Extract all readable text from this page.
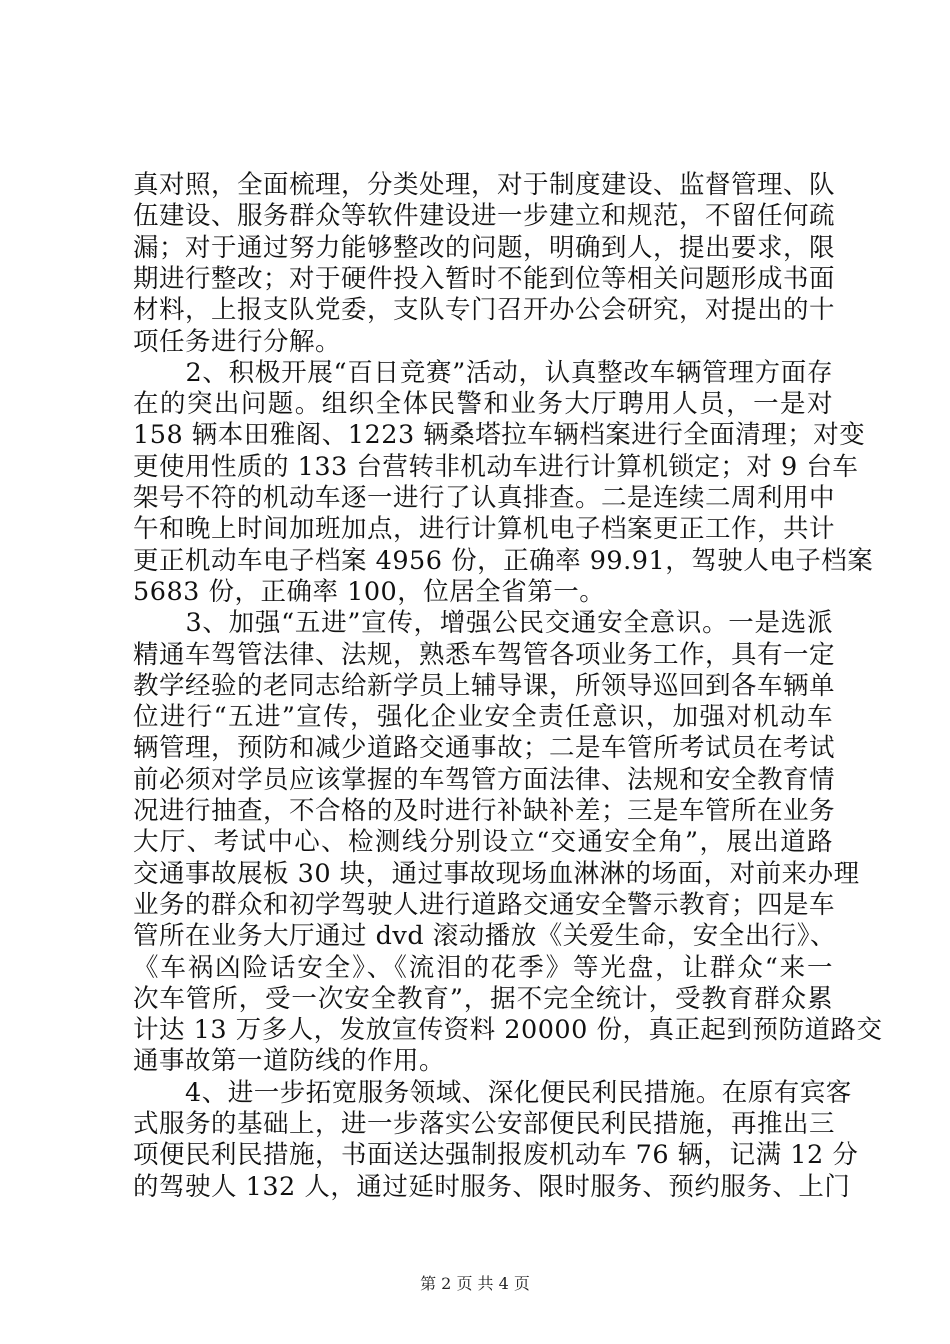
真对照，全面梳理，分类处理，对于制度建设、监督管理、队
伍建设、服务群众等软件建设进一步建立和规范，不留任何疏
漏；对于通过努力能够整改的问题，明确到人，提出要求，限
期进行整改；对于硬件投入暂时不能到位等相关问题形成书面
材料，上报支队党委，支队专门召开办公会研究，对提出的十
项任务进行分解。
　　2、积极开展“百日竞赛”活动，认真整改车辆管理方面存
在的突出问题。组织全体民警和业务大厅聘用人员，一是对
158 辆本田雅阁、1223 辆桑塔拉车辆档案进行全面清理；对变
更使用性质的 133 台营转非机动车进行计算机锁定；对 9 台车
架号不符的机动车逐一进行了认真排查。二是连续二周利用中
午和晚上时间加班加点，进行计算机电子档案更正工作，共计
更正机动车电子档案 4956 份，正确率 99.91，驾驶人电子档案
5683 份，正确率 100，位居全省第一。
　　3、加强“五进”宣传，增强公民交通安全意识。一是选派
精通车驾管法律、法规，熟悉车驾管各项业务工作，具有一定
教学经验的老同志给新学员上辅导课，所领导巡回到各车辆单
位进行“五进”宣传，强化企业安全责任意识，加强对机动车
辆管理，预防和减少道路交通事故；二是车管所考试员在考试
前必须对学员应该掌握的车驾管方面法律、法规和安全教育情
况进行抽查，不合格的及时进行补缺补差；三是车管所在业务
大厅、考试中心、检测线分别设立“交通安全角”，展出道路
交通事故展板 30 块，通过事故现场血淋淋的场面，对前来办理
业务的群众和初学驾驶人进行道路交通安全警示教育；四是车
管所在业务大厅通过 dvd 滚动播放《关爱生命，安全出行》、
《车祸凶险话安全》、《流泪的花季》等光盘，让群众“来一
次车管所，受一次安全教育”，据不完全统计，受教育群众累
计达 13 万多人，发放宣传资料 20000 份，真正起到预防道路交
通事故第一道防线的作用。
　　4、进一步拓宽服务领域、深化便民利民措施。在原有宾客
式服务的基础上，进一步落实公安部便民利民措施，再推出三
项便民利民措施，书面送达强制报废机动车 76 辆，记满 12 分
的驾驶人 132 人，通过延时服务、限时服务、预约服务、上门
第 2 页 共 4 页
